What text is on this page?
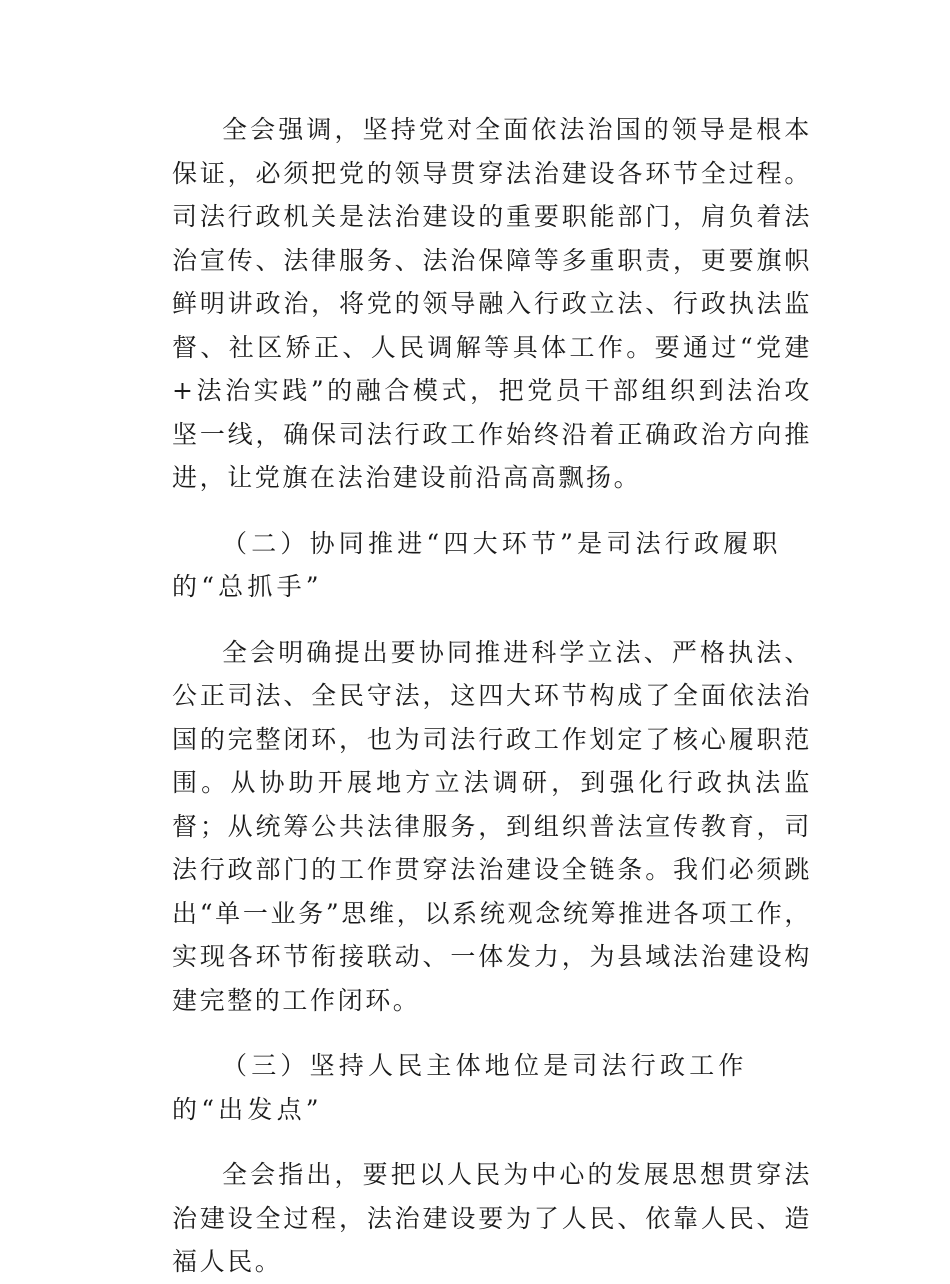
全会强调，坚持党对全面依法治国的领导是根本保证，必须把党的领导贯穿法治建设各环节全过程。司法行政机关是法治建设的重要职能部门，肩负着法治宣传、法律服务、法治保障等多重职责，更要旗帜鲜明讲政治，将党的领导融入行政立法、行政执法监督、社区矫正、人民调解等具体工作。要通过“党建+法治实践”的融合模式，把党员干部组织到法治攻坚一线，确保司法行政工作始终沿着正确政治方向推进，让党旗在法治建设前沿高高飘扬。

（二）协同推进“四大环节”是司法行政履职的“总抓手”

全会明确提出要协同推进科学立法、严格执法、公正司法、全民守法，这四大环节构成了全面依法治国的完整闭环，也为司法行政工作划定了核心履职范围。从协助开展地方立法调研，到强化行政执法监督；从统筹公共法律服务，到组织普法宣传教育，司法行政部门的工作贯穿法治建设全链条。我们必须跳出“单一业务”思维，以系统观念统筹推进各项工作，实现各环节衔接联动、一体发力，为县域法治建设构建完整的工作闭环。

（三）坚持人民主体地位是司法行政工作的“出发点”

全会指出，要把以人民为中心的发展思想贯穿法治建设全过程，法治建设要为了人民、依靠人民、造福人民。
